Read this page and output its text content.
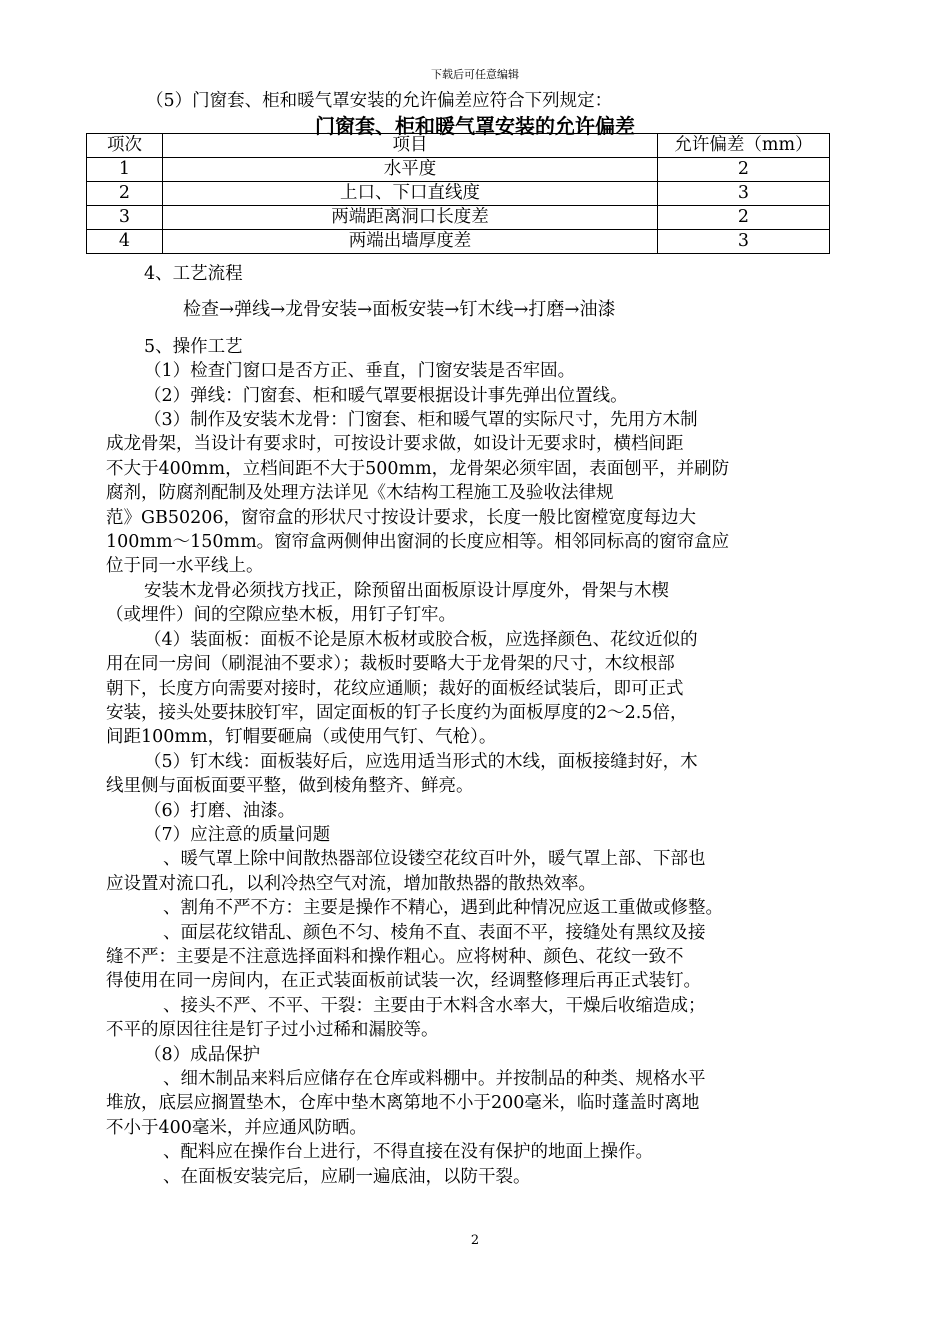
下载后可任意编辑
（5）门窗套、柜和暖气罩安装的允许偏差应符合下列规定：
门窗套、柜和暖气罩安装的允许偏差
项次	项目	允许偏差（mm）
1	水平度	2
2	上口、下口直线度	3
3	两端距离洞口长度差	2
4	两端出墙厚度差	3

4、工艺流程

检查→弹线→龙骨安装→面板安装→钉木线→打磨→油漆

5、操作工艺

（1）检查门窗口是否方正、垂直，门窗安装是否牢固。

（2）弹线：门窗套、柜和暖气罩要根据设计事先弹出位置线。

（3）制作及安装木龙骨：门窗套、柜和暖气罩的实际尺寸，先用方木制

成龙骨架，当设计有要求时，可按设计要求做，如设计无要求时，横档间距

不大于400mm，立档间距不大于500mm，龙骨架必须牢固，表面刨平，并刷防

腐剂，防腐剂配制及处理方法详见《木结构工程施工及验收法律规

范》GB50206，窗帘盒的形状尺寸按设计要求，长度一般比窗樘宽度每边大

100mm～150mm。窗帘盒两侧伸出窗洞的长度应相等。相邻同标高的窗帘盒应

位于同一水平线上。

安装木龙骨必须找方找正，除预留出面板原设计厚度外，骨架与木楔

（或埋件）间的空隙应垫木板，用钉子钉牢。

（4）装面板：面板不论是原木板材或胶合板，应选择颜色、花纹近似的

用在同一房间（刷混油不要求）；裁板时要略大于龙骨架的尺寸，木纹根部

朝下，长度方向需要对接时，花纹应通顺；裁好的面板经试装后，即可正式

安装，接头处要抹胶钉牢，固定面板的钉子长度约为面板厚度的2～2.5倍，

间距100mm，钉帽要砸扁（或使用气钉、气枪）。

（5）钉木线：面板装好后，应选用适当形式的木线，面板接缝封好，木

线里侧与面板面要平整，做到棱角整齐、鲜亮。

（6）打磨、油漆。

（7）应注意的质量问题

、暖气罩上除中间散热器部位设镂空花纹百叶外，暖气罩上部、下部也

应设置对流口孔，以利冷热空气对流，增加散热器的散热效率。

、割角不严不方：主要是操作不精心，遇到此种情况应返工重做或修整。

、面层花纹错乱、颜色不匀、棱角不直、表面不平，接缝处有黑纹及接

缝不严：主要是不注意选择面料和操作粗心。应将树种、颜色、花纹一致不

得使用在同一房间内，在正式装面板前试装一次，经调整修理后再正式装钉。

、接头不严、不平、干裂：主要由于木料含水率大，干燥后收缩造成；

不平的原因往往是钉子过小过稀和漏胶等。

（8）成品保护

、细木制品来料后应储存在仓库或料棚中。并按制品的种类、规格水平

堆放，底层应搁置垫木，仓库中垫木离第地不小于200毫米，临时蓬盖时离地

不小于400毫米，并应通风防晒。

、配料应在操作台上进行，不得直接在没有保护的地面上操作。

、在面板安装完后，应刷一遍底油，以防干裂。

2
